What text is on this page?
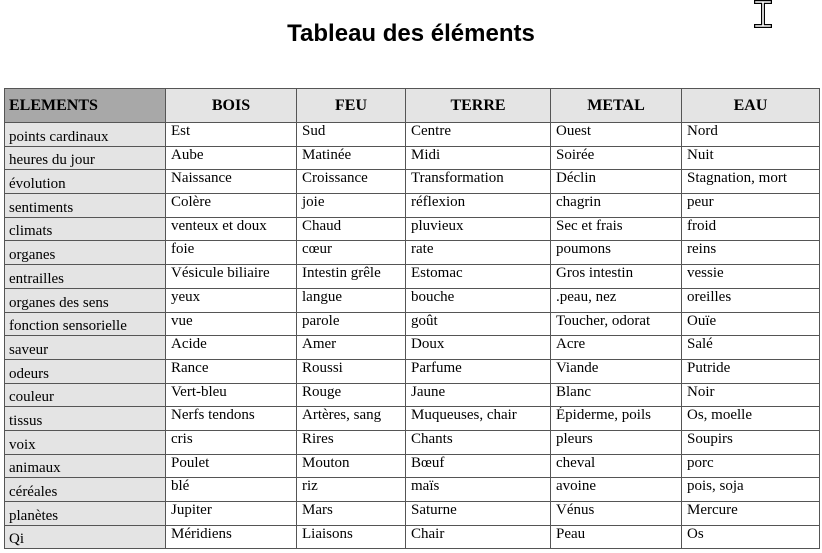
Tableau des éléments
ELEMENTS	BOIS	FEU	TERRE	METAL	EAU
points cardinaux	Est	Sud	Centre	Ouest	Nord
heures du jour	Aube	Matinée	Midi	Soirée	Nuit
évolution	Naissance	Croissance	Transformation	Déclin	Stagnation, mort
sentiments	Colère	joie	réflexion	chagrin	peur
climats	venteux et doux	Chaud	pluvieux	Sec et frais	froid
organes	foie	cœur	rate	poumons	reins
entrailles	Vésicule biliaire	Intestin grêle	Estomac	Gros intestin	vessie
organes des sens	yeux	langue	bouche	.peau, nez	oreilles
fonction sensorielle	vue	parole	goût	Toucher, odorat	Ouïe
saveur	Acide	Amer	Doux	Acre	Salé
odeurs	Rance	Roussi	Parfume	Viande	Putride
couleur	Vert-bleu	Rouge	Jaune	Blanc	Noir
tissus	Nerfs tendons	Artères, sang	Muqueuses, chair	Épiderme, poils	Os, moelle
voix	cris	Rires	Chants	pleurs	Soupirs
animaux	Poulet	Mouton	Bœuf	cheval	porc
céréales	blé	riz	maïs	avoine	pois, soja
planètes	Jupiter	Mars	Saturne	Vénus	Mercure
Qi	Méridiens	Liaisons	Chair	Peau	Os
